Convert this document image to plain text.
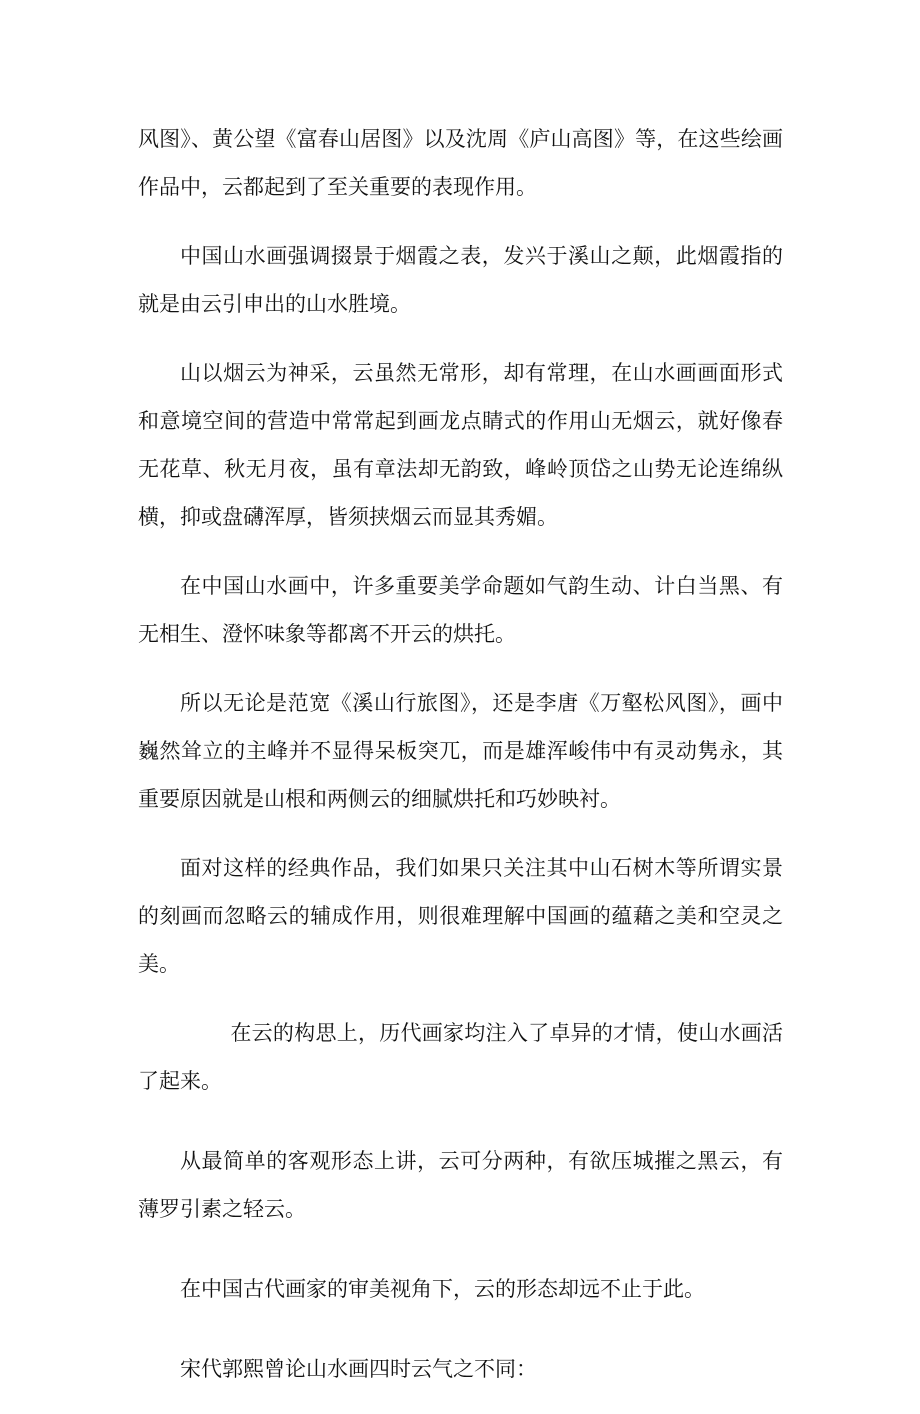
风图》、黄公望《富春山居图》以及沈周《庐山高图》等，在这些绘画作品中，云都起到了至关重要的表现作用。

中国山水画强调掇景于烟霞之表，发兴于溪山之颠，此烟霞指的就是由云引申出的山水胜境。

山以烟云为神采，云虽然无常形，却有常理，在山水画画面形式和意境空间的营造中常常起到画龙点睛式的作用山无烟云，就好像春无花草、秋无月夜，虽有章法却无韵致，峰岭顶岱之山势无论连绵纵横，抑或盘礴浑厚，皆须挟烟云而显其秀媚。

在中国山水画中，许多重要美学命题如气韵生动、计白当黑、有无相生、澄怀味象等都离不开云的烘托。

所以无论是范宽《溪山行旅图》，还是李唐《万壑松风图》，画中巍然耸立的主峰并不显得呆板突兀，而是雄浑峻伟中有灵动隽永，其重要原因就是山根和两侧云的细腻烘托和巧妙映衬。

面对这样的经典作品，我们如果只关注其中山石树木等所谓实景的刻画而忽略云的辅成作用，则很难理解中国画的蕴藉之美和空灵之美。

在云的构思上，历代画家均注入了卓异的才情，使山水画活了起来。

从最简单的客观形态上讲，云可分两种，有欲压城摧之黑云，有薄罗引素之轻云。

在中国古代画家的审美视角下，云的形态却远不止于此。

宋代郭熙曾论山水画四时云气之不同：
